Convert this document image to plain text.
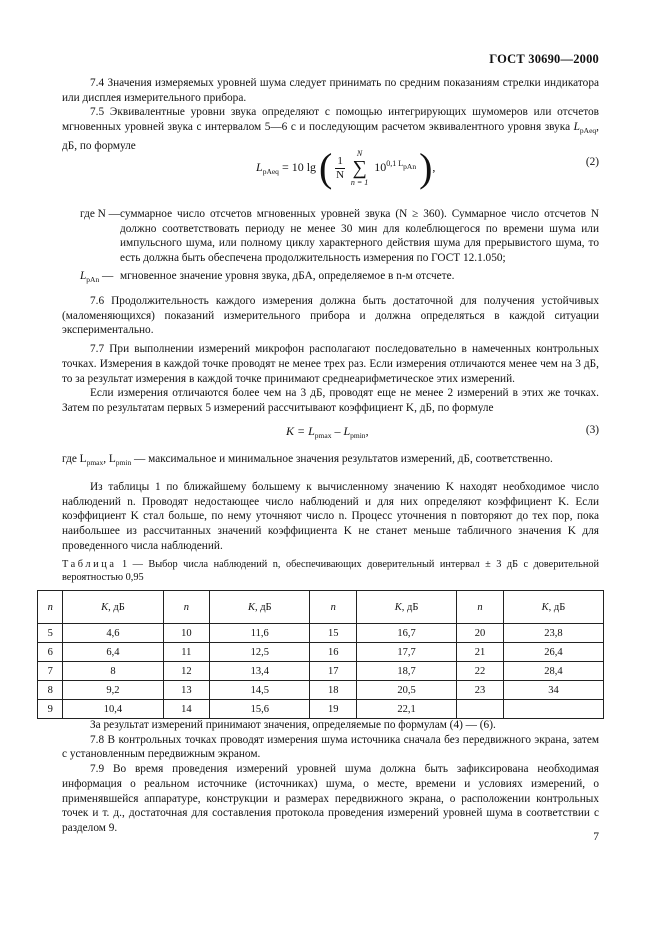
ГОСТ 30690—2000

7.4 Значения измеряемых уровней шума следует принимать по средним показаниям стрелки индикатора или дисплея измерительного прибора.

7.5 Эквивалентные уровни звука определяют с помощью интегрирующих шумомеров или отсчетов мгновенных уровней звука с интервалом 5—6 с и последующим расчетом эквивалентного уровня звука $L_{pAeq}$, дБ, по формуле

$L_{pAeq} = 10$ lg ( $\frac{1}{N}$
N
∑
n = 1 $10^{0,1 L_{pAn}}$ ),	(2)
где N — суммарное число отсчетов мгновенных уровней звука (N ≥ 360). Суммарное число отсчетов N должно соответствовать периоду не менее 30 мин для колеблющегося по времени шума или импульсного шума, или полному циклу характерного действия шума для прерывистого шума, то есть должна быть обеспечена продолжительность измерения по ГОСТ 12.1.050;
$L_{pAn}$ — мгновенное значение уровня звука, дБА, определяемое в n-м отсчете.

7.6 Продолжительность каждого измерения должна быть достаточной для получения устойчивых (маломеняющихся) показаний измерительного прибора и должна определяться в каждой ситуации экспериментально.

7.7 При выполнении измерений микрофон располагают последовательно в намеченных контрольных точках. Измерения в каждой точке проводят не менее трех раз. Если измерения отличаются менее чем на 3 дБ, то за результат измерения в каждой точке принимают среднеарифметическое этих измерений.

Если измерения отличаются более чем на 3 дБ, проводят еще не менее 2 измерений в этих же точках. Затем по результатам первых 5 измерений рассчитывают коэффициент K, дБ, по формуле

$K = L_{pmax} - L_{pmin}$,	(3)
где $L_{pmax}$, $L_{pmin}$ — максимальное и минимальное значения результатов измерений, дБ, соответственно.

Из таблицы 1 по ближайшему большему к вычисленному значению K находят необходимое число наблюдений n. Проводят недостающее число наблюдений и для них определяют коэффициент K. Если коэффициент K стал больше, по нему уточняют число n. Процесс уточнения n повторяют до тех пор, пока наибольшее из рассчитанных значений коэффициента K не станет меньше табличного значения K для проведенного числа наблюдений.

Таблица 1 — Выбор числа наблюдений n, обеспечивающих доверительный интервал ± 3 дБ с доверительной вероятностью 0,95
n	K, дБ	n	K, дБ	n	K, дБ	n	K, дБ
5	4,6	10	11,6	15	16,7	20	23,8
6	6,4	11	12,5	16	17,7	21	26,4
7	8	12	13,4	17	18,7	22	28,4
8	9,2	13	14,5	18	20,5	23	34
9	10,4	14	15,6	19	22,1		

За результат измерений принимают значения, определяемые по формулам (4) — (6).

7.8 В контрольных точках проводят измерения шума источника сначала без передвижного экрана, затем с установленным передвижным экраном.

7.9 Во время проведения измерений уровней шума должна быть зафиксирована необходимая информация о реальном источнике (источниках) шума, о месте, времени и условиях измерений, о применявшейся аппаратуре, конструкции и размерах передвижного экрана, о расположении контрольных точек и т. д., достаточная для составления протокола проведения измерений уровней шума в соответствии с разделом 9.

7
